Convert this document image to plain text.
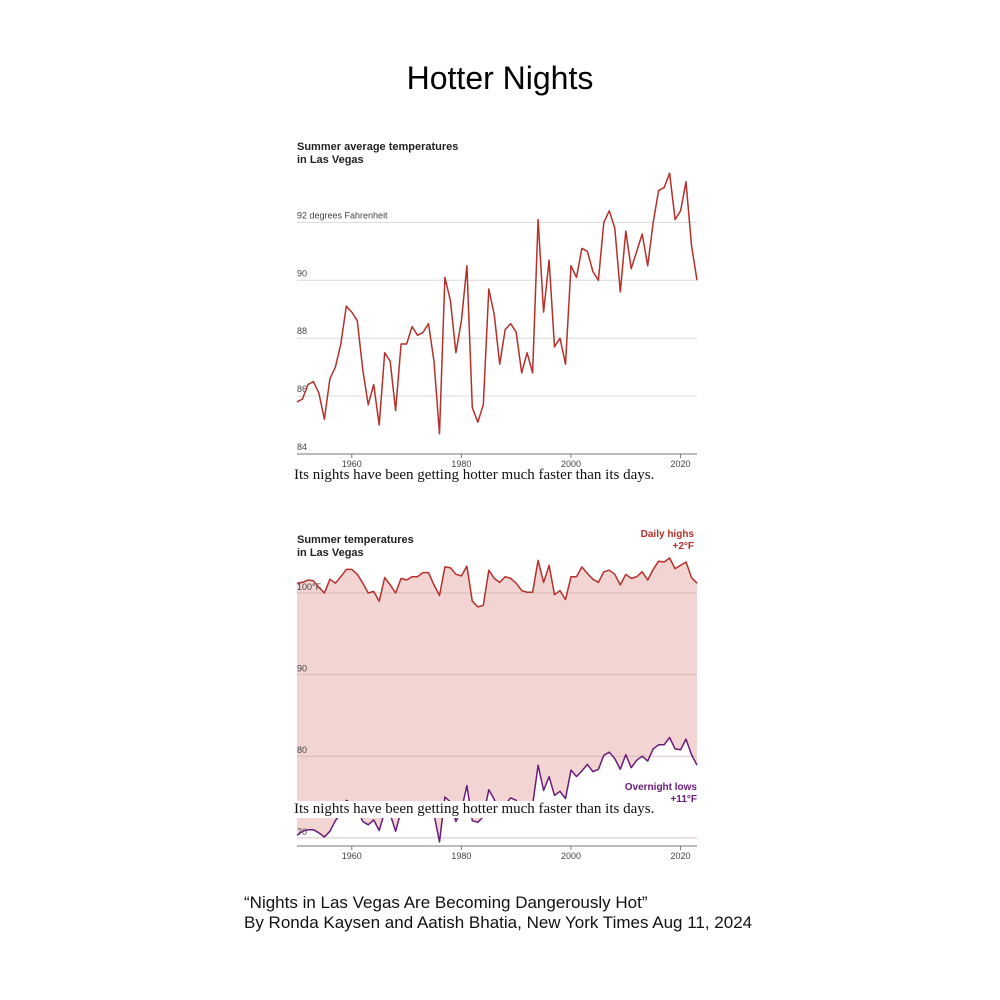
Hotter Nights
Summer average temperatures
in Las Vegas
84
86
88
90
92 degrees Fahrenheit
1960	1980	2000	2020
70
80
90
100°F
Summer temperatures
in Las Vegas
1960	1980	2000	2020
Daily highs
+2°F
Overnight lows
+11°F
Its nights have been getting hotter much faster than its days.
Its nights have been getting hotter much faster than its days.
“Nights in Las Vegas Are Becoming Dangerously Hot”
By Ronda Kaysen and Aatish Bhatia, New York Times Aug 11, 2024
